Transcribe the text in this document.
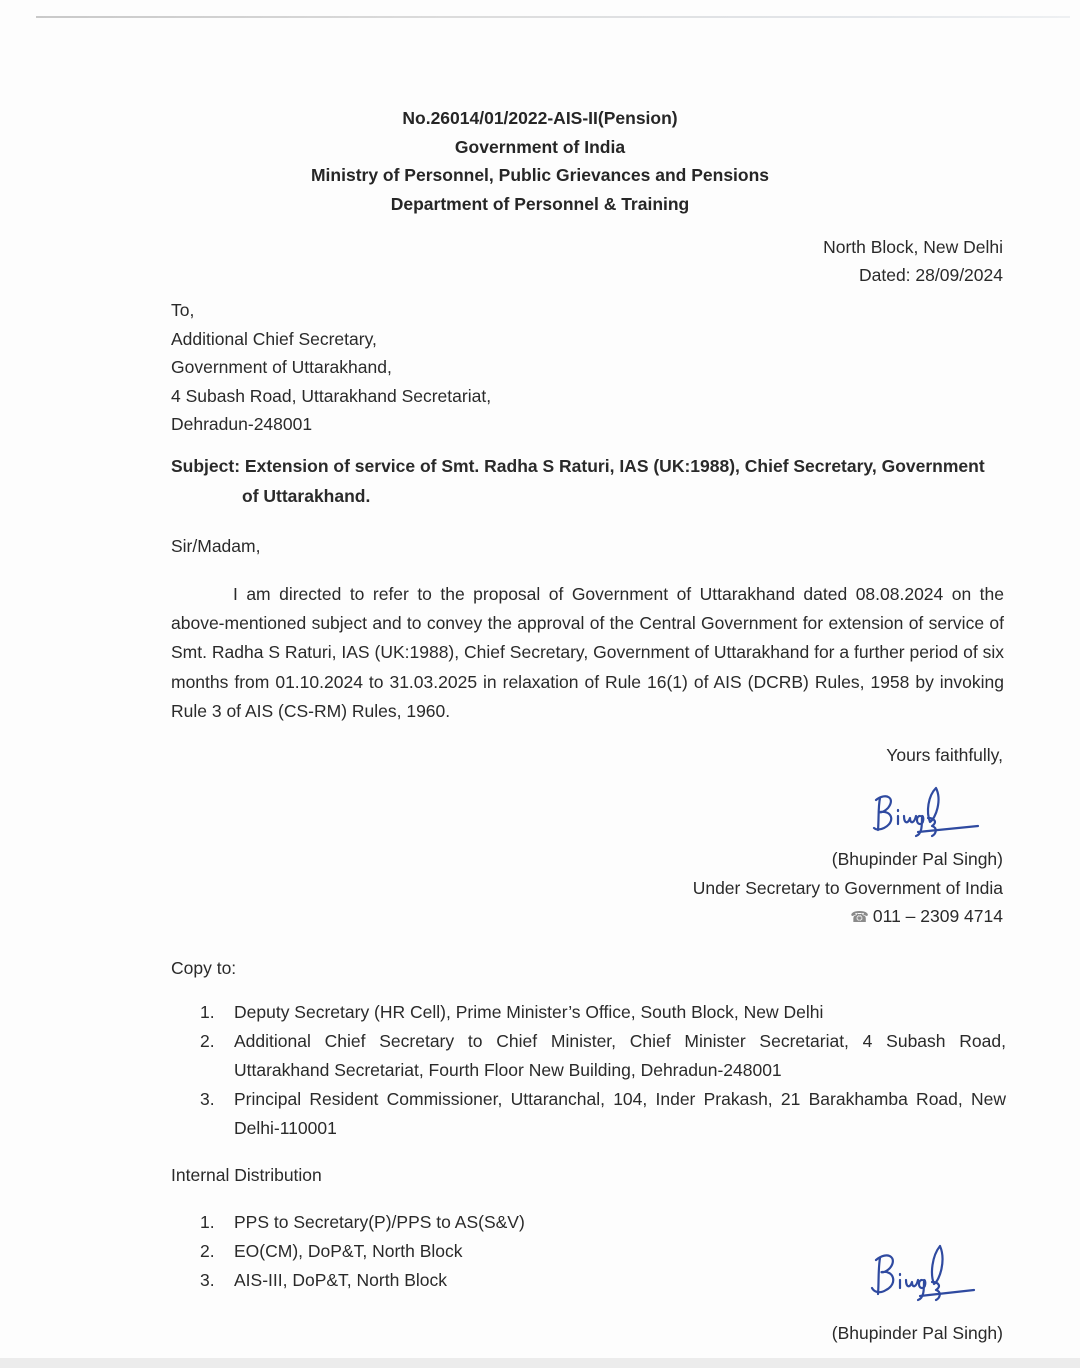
No.26014/01/2022-AIS-II(Pension)
Government of India
Ministry of Personnel, Public Grievances and Pensions
Department of Personnel & Training
North Block, New Delhi
Dated: 28/09/2024
To,
Additional Chief Secretary,
Government of Uttarakhand,
4 Subash Road, Uttarakhand Secretariat,
Dehradun-248001
Subject: Extension of service of Smt. Radha S Raturi, IAS (UK:1988), Chief Secretary, Government
of Uttarakhand.
Sir/Madam,
I am directed to refer to the proposal of Government of Uttarakhand dated 08.08.2024 on the above-mentioned subject and to convey the approval of the Central Government for extension of service of Smt. Radha S Raturi, IAS (UK:1988), Chief Secretary, Government of Uttarakhand for a further period of six months from 01.10.2024 to 31.03.2025 in relaxation of Rule 16(1) of AIS (DCRB) Rules, 1958 by invoking Rule 3 of AIS (CS-RM) Rules, 1960.
Yours faithfully,
(Bhupinder Pal Singh)
Under Secretary to Government of India
☎ 011 – 2309 4714
Copy to:
1. Deputy Secretary (HR Cell), Prime Minister’s Office, South Block, New Delhi
2. Additional Chief Secretary to Chief Minister, Chief Minister Secretariat, 4 Subash Road, Uttarakhand Secretariat, Fourth Floor New Building, Dehradun-248001
3. Principal Resident Commissioner, Uttaranchal, 104, Inder Prakash, 21 Barakhamba Road, New Delhi-110001
Internal Distribution
1. PPS to Secretary(P)/PPS to AS(S&V)
2. EO(CM), DoP&T, North Block
3. AIS-III, DoP&T, North Block
(Bhupinder Pal Singh)
